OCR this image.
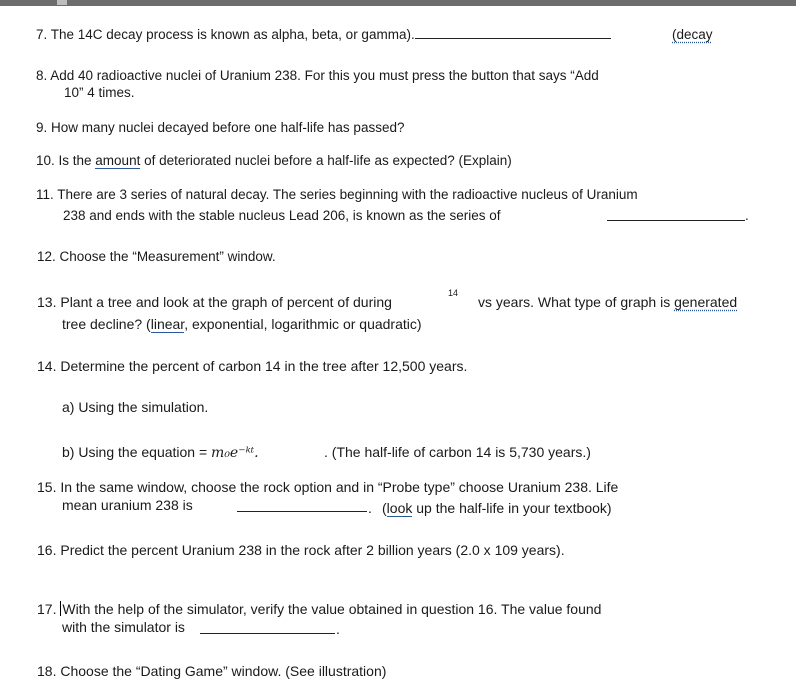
7. The 14C decay process is known as alpha, beta, or gamma).	(decay
8. Add 40 radioactive nuclei of Uranium 238. For this you must press the button that says “Add
10” 4 times.
9. How many nuclei decayed before one half-life has passed?
10. Is the amount of deteriorated nuclei before a half-life as expected? (Explain)
11. There are 3 series of natural decay. The series beginning with the radioactive nucleus of Uranium
238 and ends with the stable nucleus Lead 206, is known as the series of	.
12. Choose the “Measurement” window.
13. Plant a tree and look at the graph of percent of during
14
vs years. What type of graph is generated
tree decline? (linear, exponential, logarithmic or quadratic)
14. Determine the percent of carbon 14 in the tree after 12,500 years.
a) Using the simulation.
b) Using the equation = m₀e⁻ᵏᵗ.	. (The half-life of carbon 14 is 5,730 years.)
15. In the same window, choose the rock option and in “Probe type” choose Uranium 238. Life
mean uranium 238 is	. (look up the half-life in your textbook)
16. Predict the percent Uranium 238 in the rock after 2 billion years (2.0 x 109 years).
17. With the help of the simulator, verify the value obtained in question 16. The value found
with the simulator is	.
18. Choose the “Dating Game” window. (See illustration)
